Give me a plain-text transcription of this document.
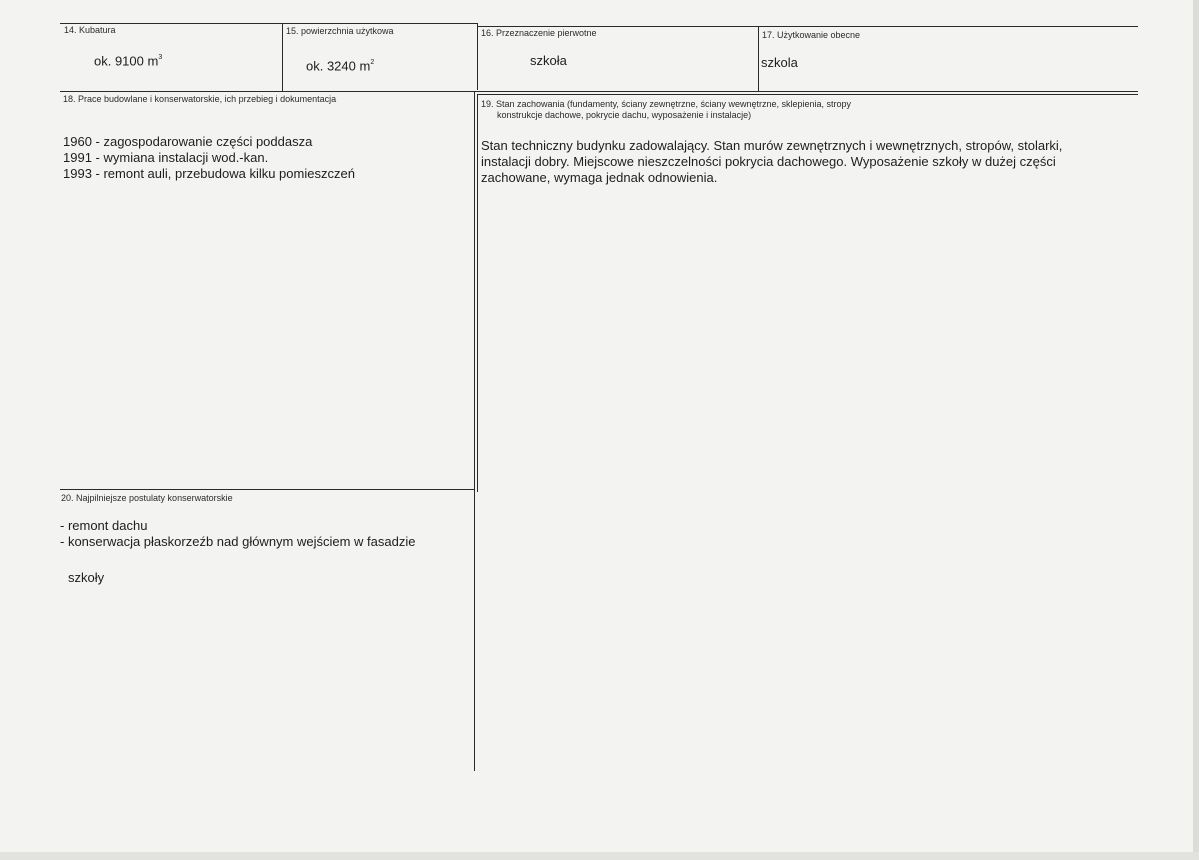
14. Kubatura
ok. 9100 $m^3$
15. powierzchnia użytkowa
ok. 3240 $m^2$
16. Przeznaczenie pierwotne
szkoła
17. Użytkowanie obecne
szkola
18. Prace budowlane i konserwatorskie, ich przebieg i dokumentacja
1960 - zagospodarowanie części poddasza
1991 - wymiana instalacji wod.-kan.
1993 - remont auli, przebudowa kilku pomieszczeń
19. Stan zachowania (fundamenty, ściany zewnętrzne, ściany wewnętrzne, sklepienia, stropy
konstrukcje dachowe, pokrycie dachu, wyposażenie i instalacje)
Stan techniczny budynku zadowalający. Stan murów zewnętrznych i wewnętrznych, stropów, stolarki,
instalacji dobry. Miejscowe nieszczelności pokrycia dachowego. Wyposażenie szkoły w dużej części
zachowane, wymaga jednak odnowienia.
20. Najpilniejsze postulaty konserwatorskie
- remont dachu
- konserwacja płaskorzeźb nad głównym wejściem w fasadzie
szkoły
